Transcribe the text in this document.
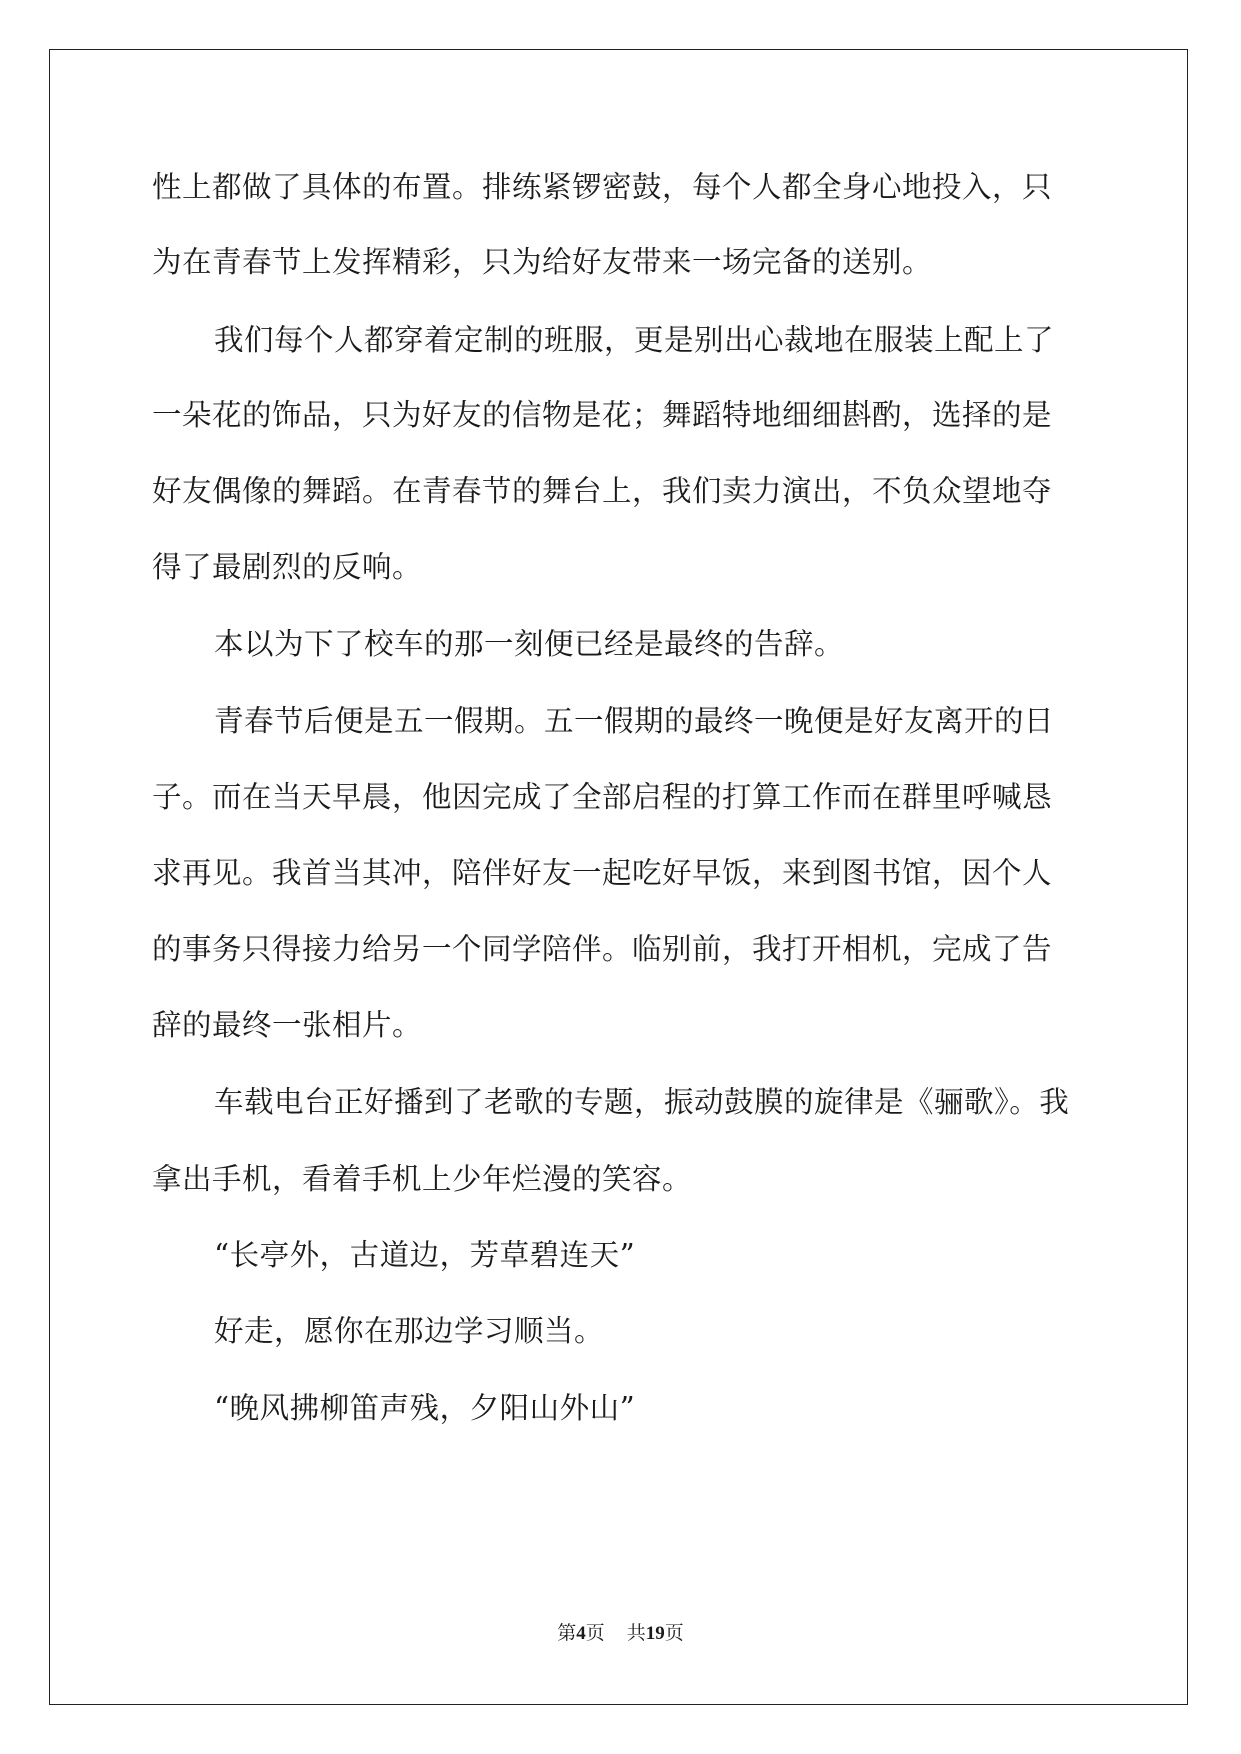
性上都做了具体的布置。排练紧锣密鼓，每个人都全身心地投入，只
为在青春节上发挥精彩，只为给好友带来一场完备的送别。
我们每个人都穿着定制的班服，更是别出心裁地在服装上配上了
一朵花的饰品，只为好友的信物是花；舞蹈特地细细斟酌，选择的是
好友偶像的舞蹈。在青春节的舞台上，我们卖力演出，不负众望地夺
得了最剧烈的反响。
本以为下了校车的那一刻便已经是最终的告辞。
青春节后便是五一假期。五一假期的最终一晚便是好友离开的日
子。而在当天早晨，他因完成了全部启程的打算工作而在群里呼喊恳
求再见。我首当其冲，陪伴好友一起吃好早饭，来到图书馆，因个人
的事务只得接力给另一个同学陪伴。临别前，我打开相机，完成了告
辞的最终一张相片。
车载电台正好播到了老歌的专题，振动鼓膜的旋律是《骊歌》。我
拿出手机，看着手机上少年烂漫的笑容。
“长亭外，古道边，芳草碧连天”
好走，愿你在那边学习顺当。
“晚风拂柳笛声残，夕阳山外山”
第4页 共19页
